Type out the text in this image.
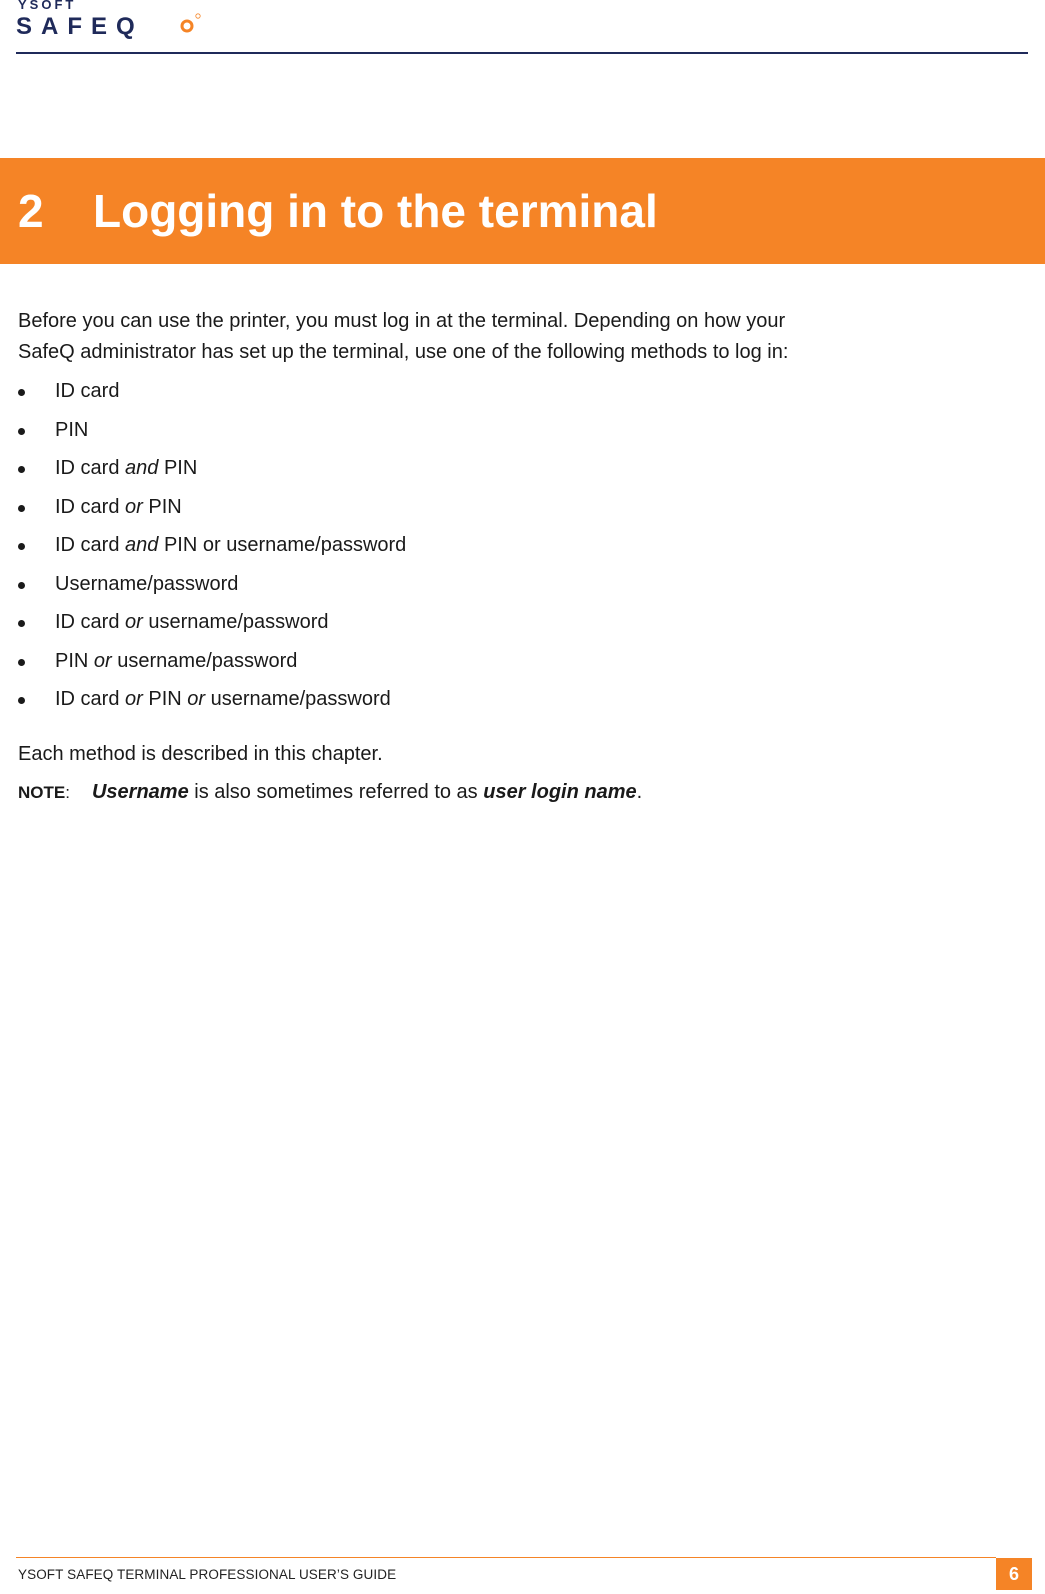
YSOFT
SAFEQ
2 Logging in to the terminal

Before you can use the printer, you must log in at the terminal. Depending on how your
SafeQ administrator has set up the terminal, use one of the following methods to log in:

ID card
PIN
ID card and PIN
ID card or PIN
ID card and PIN or username/password
Username/password
ID card or username/password
PIN or username/password
ID card or PIN or username/password

Each method is described in this chapter.

NOTE: Username is also sometimes referred to as user login name.

YSOFT SAFEQ TERMINAL PROFESSIONAL USER’S GUIDE	6
